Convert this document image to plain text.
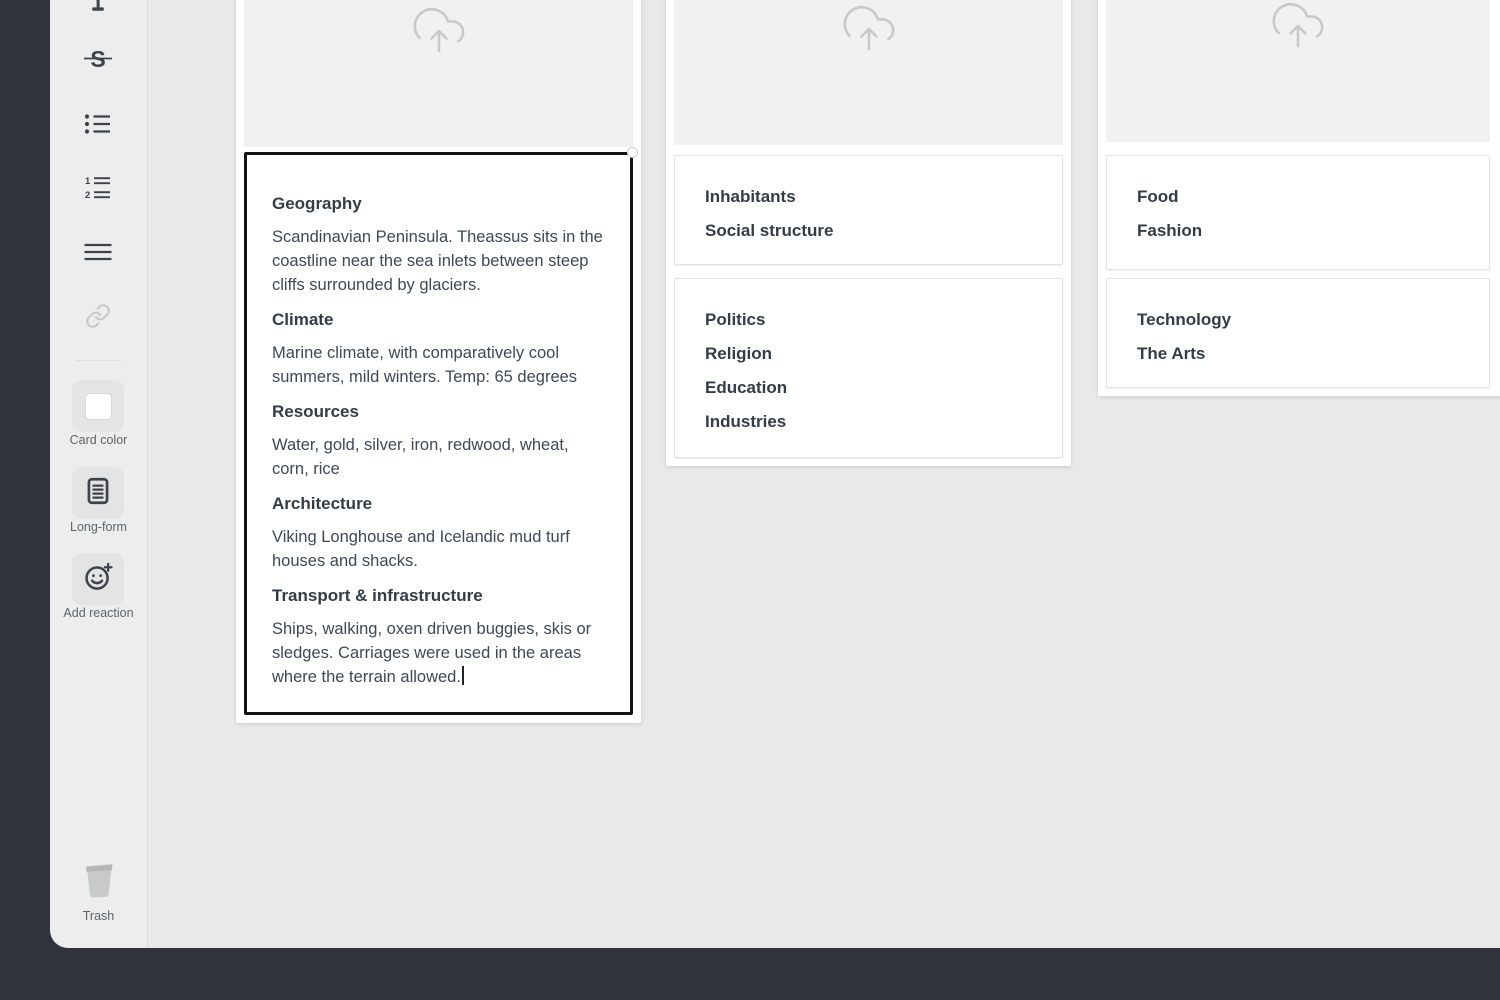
S
1
2
Card color
Long-form
Add reaction
Trash
Geography

Scandinavian Peninsula. Theassus sits in the coastline near the sea inlets between steep cliffs surrounded by glaciers.

Climate

Marine climate, with comparatively cool summers, mild winters. Temp: 65 degrees

Resources

Water, gold, silver, iron, redwood, wheat, corn, rice

Architecture

Viking Longhouse and Icelandic mud turf houses and shacks.

Transport & infrastructure

Ships, walking, oxen driven buggies, skis or sledges. Carriages were used in the areas where the terrain allowed.

Inhabitants
Social structure
Politics
Religion
Education
Industries
Food
Fashion
Technology
The Arts
